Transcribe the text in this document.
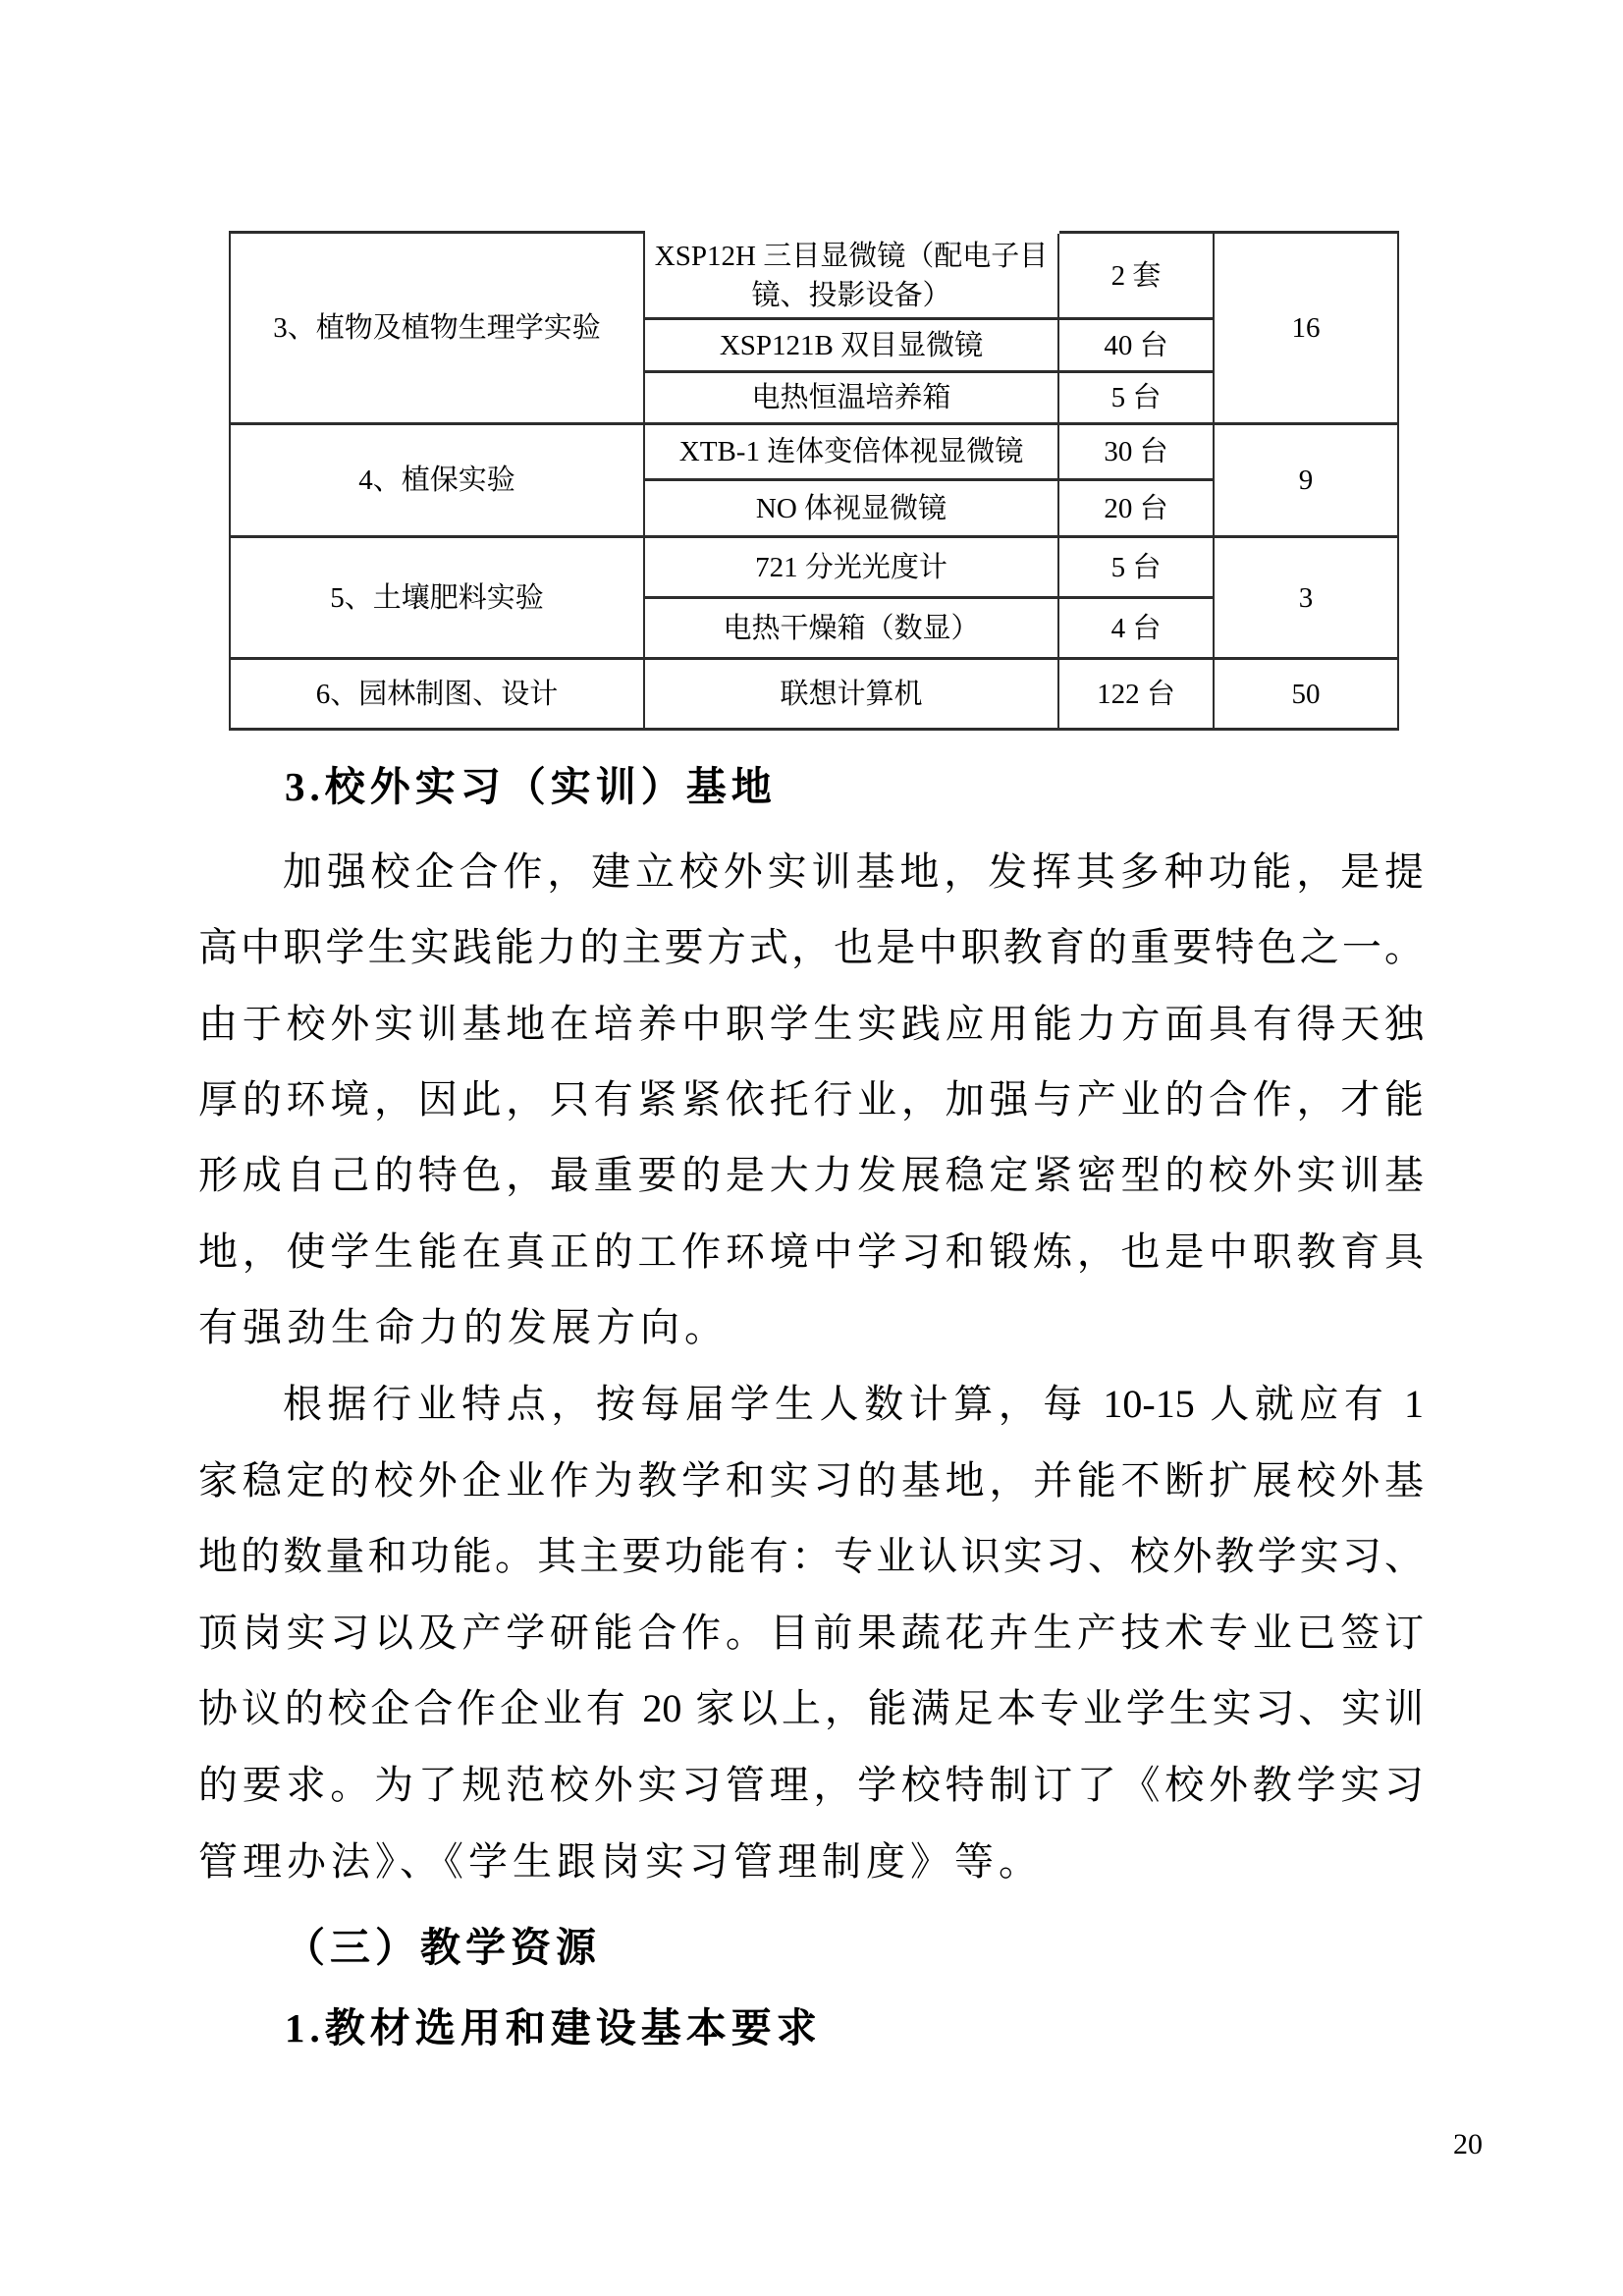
3、植物及植物生理学实验	XSP12H 三目显微镜（配电子目镜、投影设备）	2 套	16
	XSP121B 双目显微镜	40 台	
	电热恒温培养箱	5 台	
4、植保实验	XTB-1 连体变倍体视显微镜	30 台	9
	NO 体视显微镜	20 台	
5、土壤肥料实验	721 分光光度计	5 台	3
	电热干燥箱（数显）	4 台	
6、园林制图、设计	联想计算机	122 台	50
3.校外实习（实训）基地
加强校企合作，建立校外实训基地，发挥其多种功能，是提
高中职学生实践能力的主要方式，也是中职教育的重要特色之一。
由于校外实训基地在培养中职学生实践应用能力方面具有得天独
厚的环境，因此，只有紧紧依托行业，加强与产业的合作，才能
形成自己的特色，最重要的是大力发展稳定紧密型的校外实训基
地，使学生能在真正的工作环境中学习和锻炼，也是中职教育具
有强劲生命力的发展方向。
根据行业特点，按每届学生人数计算，每 10-15 人就应有 1
家稳定的校外企业作为教学和实习的基地，并能不断扩展校外基
地的数量和功能。其主要功能有：专业认识实习、校外教学实习、
顶岗实习以及产学研能合作。目前果蔬花卉生产技术专业已签订
协议的校企合作企业有 20 家以上，能满足本专业学生实习、实训
的要求。为了规范校外实习管理，学校特制订了《校外教学实习
管理办法》、《学生跟岗实习管理制度》等。
（三）教学资源
1.教材选用和建设基本要求
20
